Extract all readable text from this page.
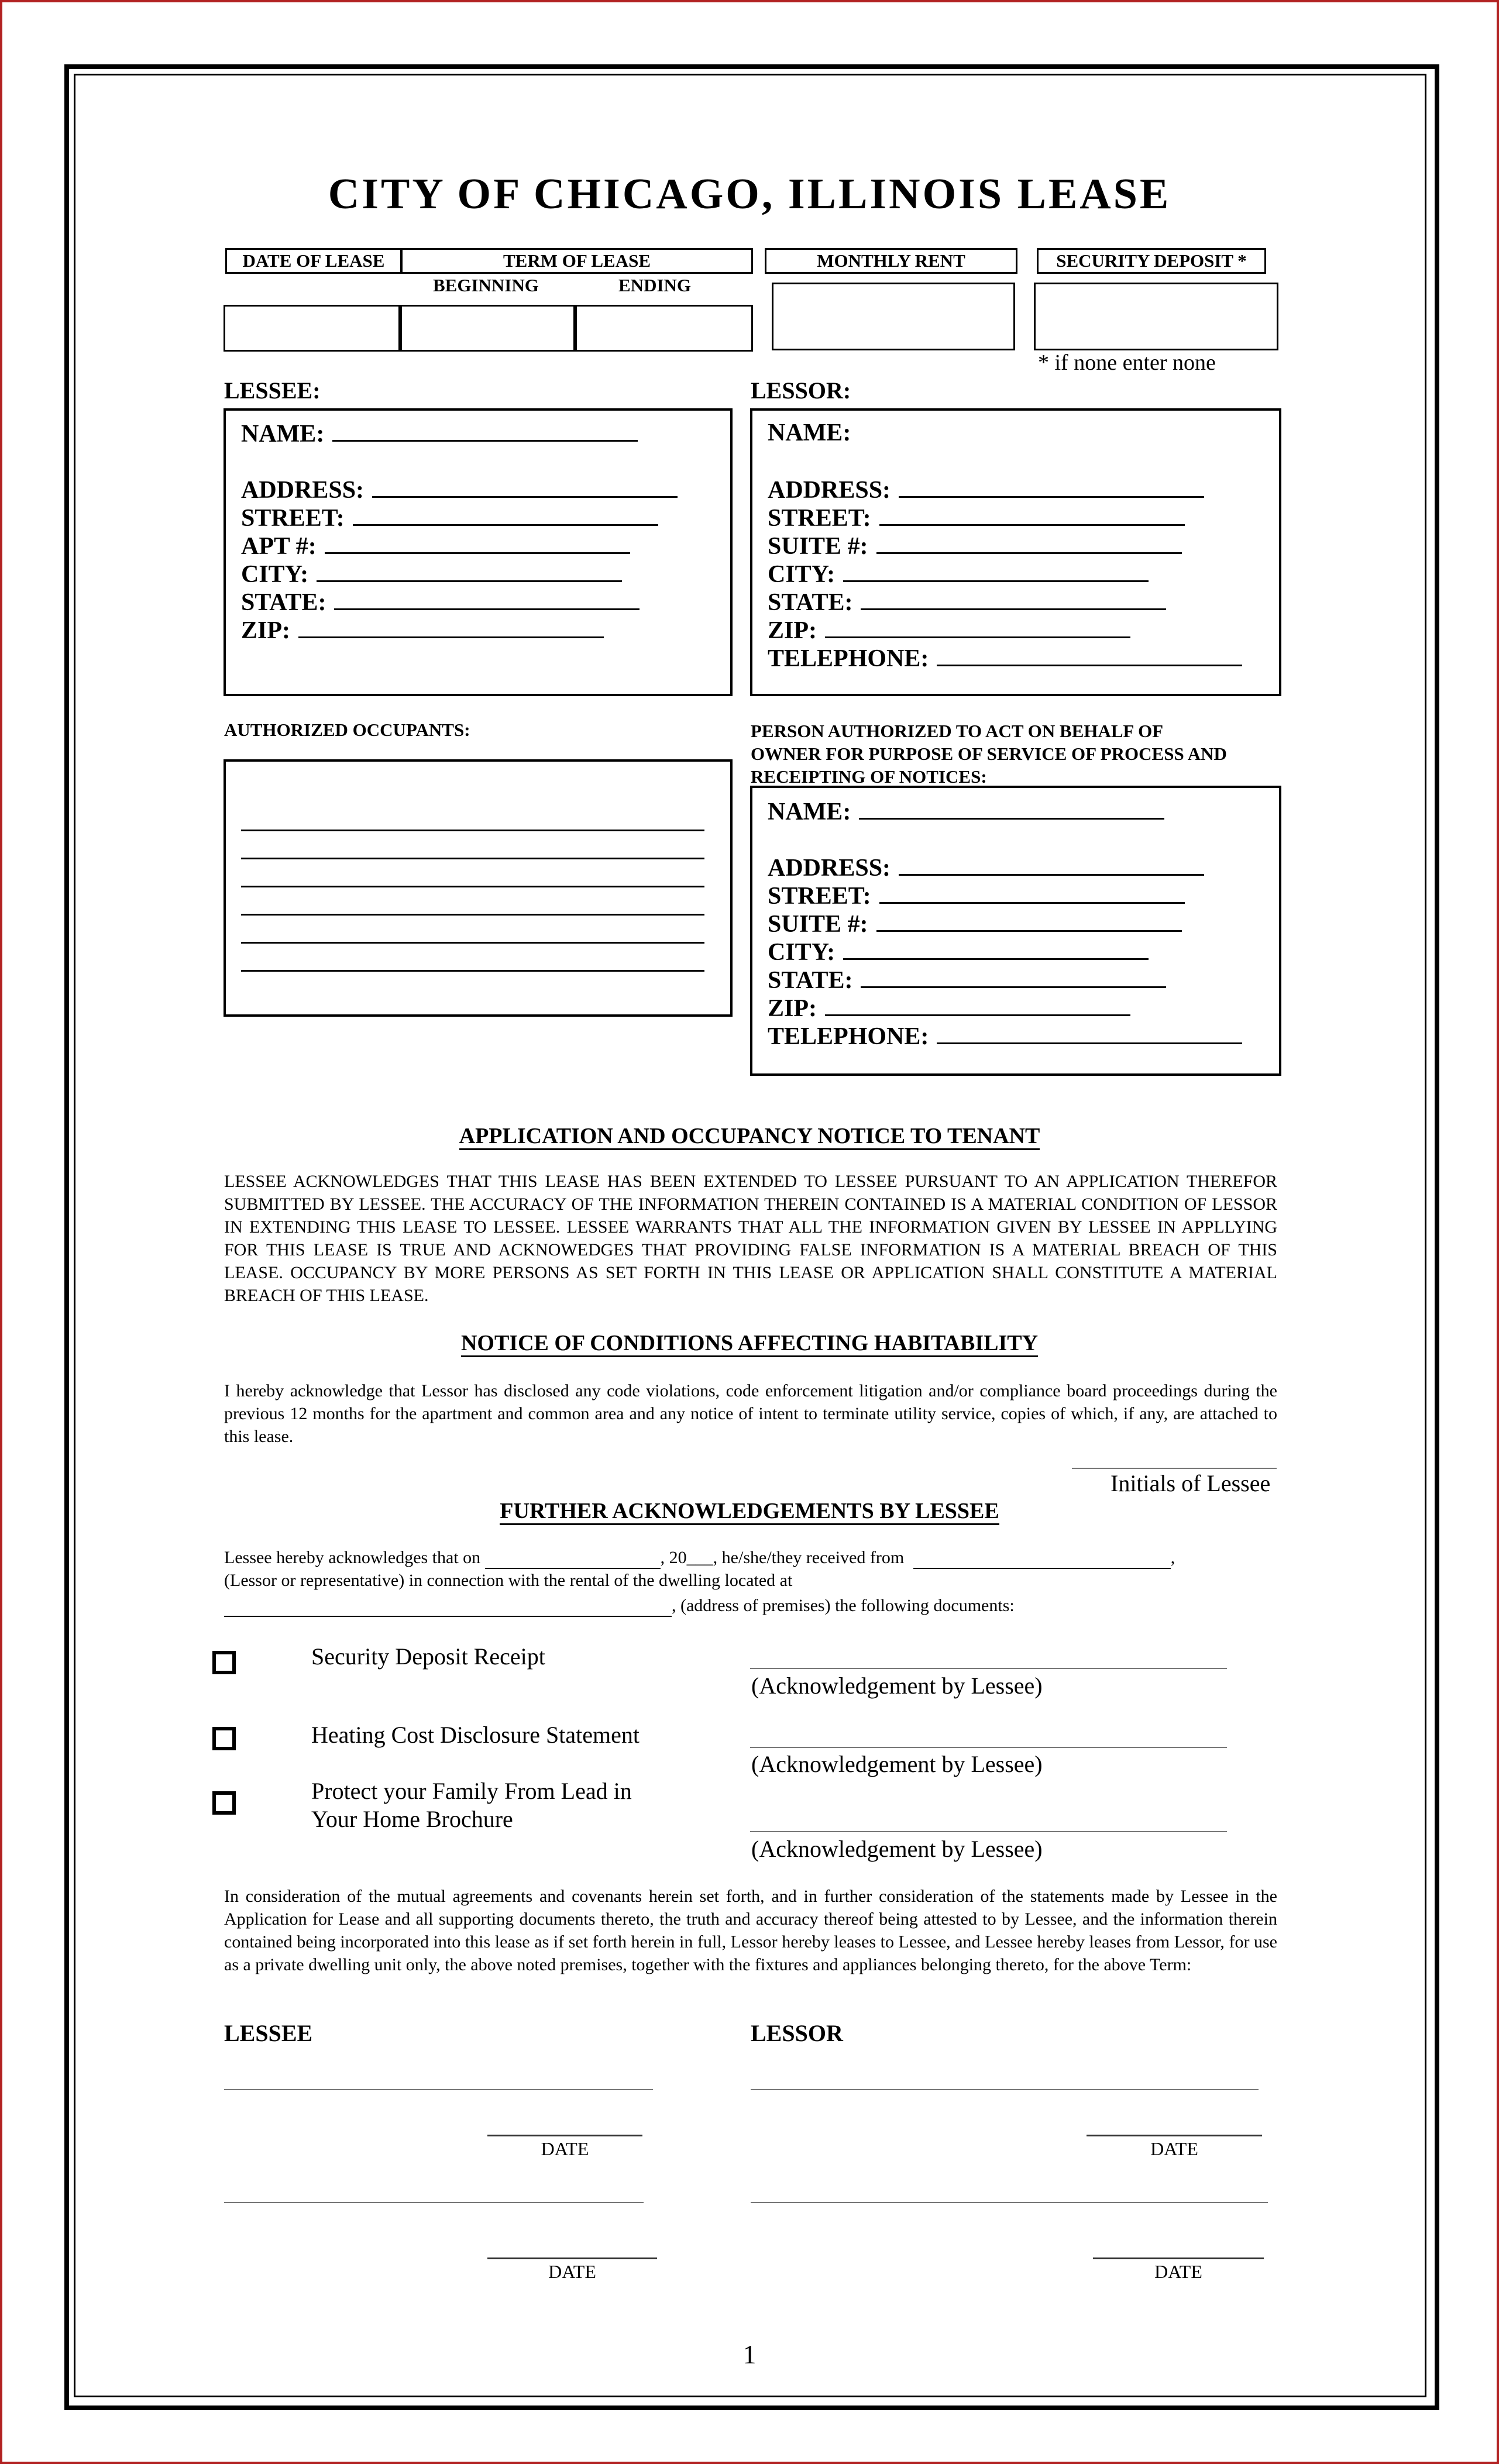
CITY OF CHICAGO, ILLINOIS LEASE
DATE OF LEASE	TERM OF LEASE
BEGINNING	ENDING
MONTHLY RENT	SECURITY DEPOSIT *
* if none enter none
LESSEE:	LESSOR:
NAME:
ADDRESS:
STREET:
APT #:
CITY:
STATE:
ZIP:
NAME:
ADDRESS:
STREET:
SUITE #:
CITY:
STATE:
ZIP:
TELEPHONE:
AUTHORIZED OCCUPANTS:	PERSON AUTHORIZED TO ACT ON BEHALF OF
OWNER FOR PURPOSE OF SERVICE OF PROCESS AND
RECEIPTING OF NOTICES:
NAME:
ADDRESS:
STREET:
SUITE #:
CITY:
STATE:
ZIP:
TELEPHONE:
APPLICATION AND OCCUPANCY NOTICE TO TENANT
LESSEE ACKNOWLEDGES THAT THIS LEASE HAS BEEN EXTENDED TO LESSEE PURSUANT TO AN APPLICATION THEREFOR SUBMITTED BY LESSEE. THE ACCURACY OF THE INFORMATION THEREIN CONTAINED IS A MATERIAL CONDITION OF LESSOR IN EXTENDING THIS LEASE TO LESSEE. LESSEE WARRANTS THAT ALL THE INFORMATION GIVEN BY LESSEE IN APPLLYING FOR THIS LEASE IS TRUE AND ACKNOWEDGES THAT PROVIDING FALSE INFORMATION IS A MATERIAL BREACH OF THIS LEASE. OCCUPANCY BY MORE PERSONS AS SET FORTH IN THIS LEASE OR APPLICATION SHALL CONSTITUTE A MATERIAL BREACH OF THIS LEASE.
NOTICE OF CONDITIONS AFFECTING HABITABILITY
I hereby acknowledge that Lessor has disclosed any code violations, code enforcement litigation and/or compliance board proceedings during the previous 12 months for the apartment and common area and any notice of intent to terminate utility service, copies of which, if any, are attached to this lease.
Initials of Lessee
FURTHER ACKNOWLEDGEMENTS BY LESSEE
Lessee hereby acknowledges that on	, 20___, he/she/they received from	,
(Lessor or representative) in connection with the rental of the dwelling located at
, (address of premises) the following documents:
Security Deposit Receipt
(Acknowledgement by Lessee)
Heating Cost Disclosure Statement
(Acknowledgement by Lessee)
Protect your Family From Lead in
Your Home Brochure
(Acknowledgement by Lessee)
In consideration of the mutual agreements and covenants herein set forth, and in further consideration of the statements made by Lessee in the Application for Lease and all supporting documents thereto, the truth and accuracy thereof being attested to by Lessee, and the information therein contained being incorporated into this lease as if set forth herein in full, Lessor hereby leases to Lessee, and Lessee hereby leases from Lessor, for use as a private dwelling unit only, the above noted premises, together with the fixtures and appliances belonging thereto, for the above Term:
LESSEE	LESSOR
DATE	DATE
DATE	DATE
1
